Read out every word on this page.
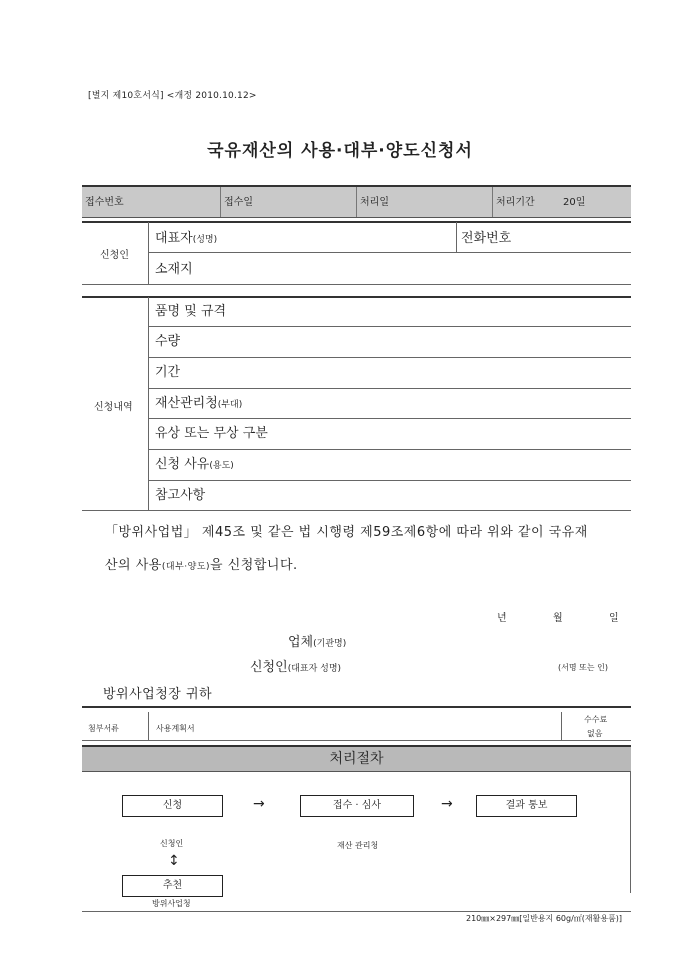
[별지 제10호서식] <개정 2010.10.12>
국유재산의 사용·대부·양도신청서
접수번호	접수일	처리일	처리기간	20일
신청인
대표자(성명)	전화번호
소재지
신청내역
품명 및 규격
수량
기간
재산관리청(부대)
유상 또는 무상 구분
신청 사유(용도)
참고사항
「방위사업법」 제45조 및 같은 법 시행령 제59조제6항에 따라 위와 같이 국유재
산의 사용(대부·양도)을 신청합니다.
년	월	일
업체(기관명)
신청인(대표자 성명)	(서명 또는 인)
방위사업청장 귀하
첨부서류	사용계획서
수수료
없음
처리절차
신청	→	접수 · 심사	→	결과 통보
신청인	재산 관리청
↕
추천
방위사업청
210㎜×297㎜[일반용지 60g/㎡(재활용품)]
